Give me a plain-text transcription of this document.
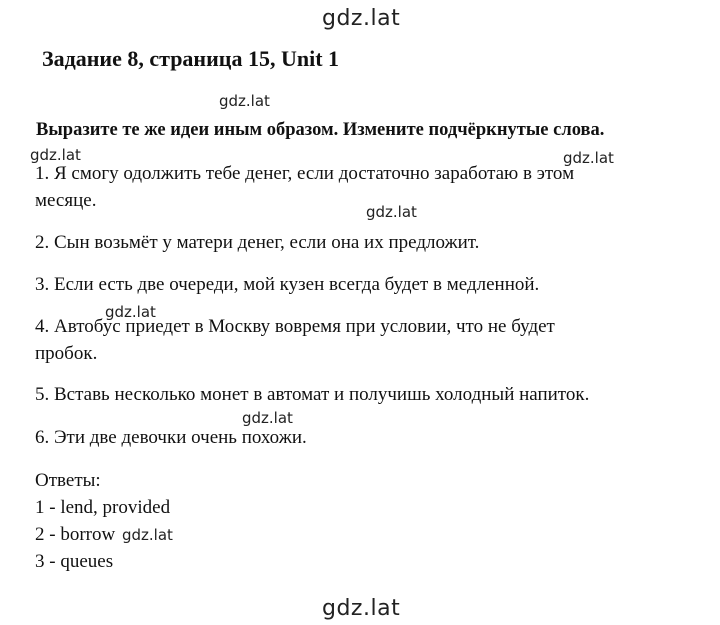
gdz.lat
gdz.lat
gdz.lat	gdz.lat
gdz.lat
gdz.lat
gdz.lat
gdz.lat
Задание 8, страница 15, Unit 1
Выразите те же идеи иным образом. Измените подчёркнутые слова.
1. Я смогу одолжить тебе денег, если достаточно заработаю в этом
месяце.
2. Сын возьмёт у матери денег, если она их предложит.
3. Если есть две очереди, мой кузен всегда будет в медленной.
4. Автобус приедет в Москву вовремя при условии, что не будет
пробок.
5. Вставь несколько монет в автомат и получишь холодный напиток.
6. Эти две девочки очень похожи.
Ответы:
1 - lend, provided
2 - borrow gdz.lat
3 - queues
